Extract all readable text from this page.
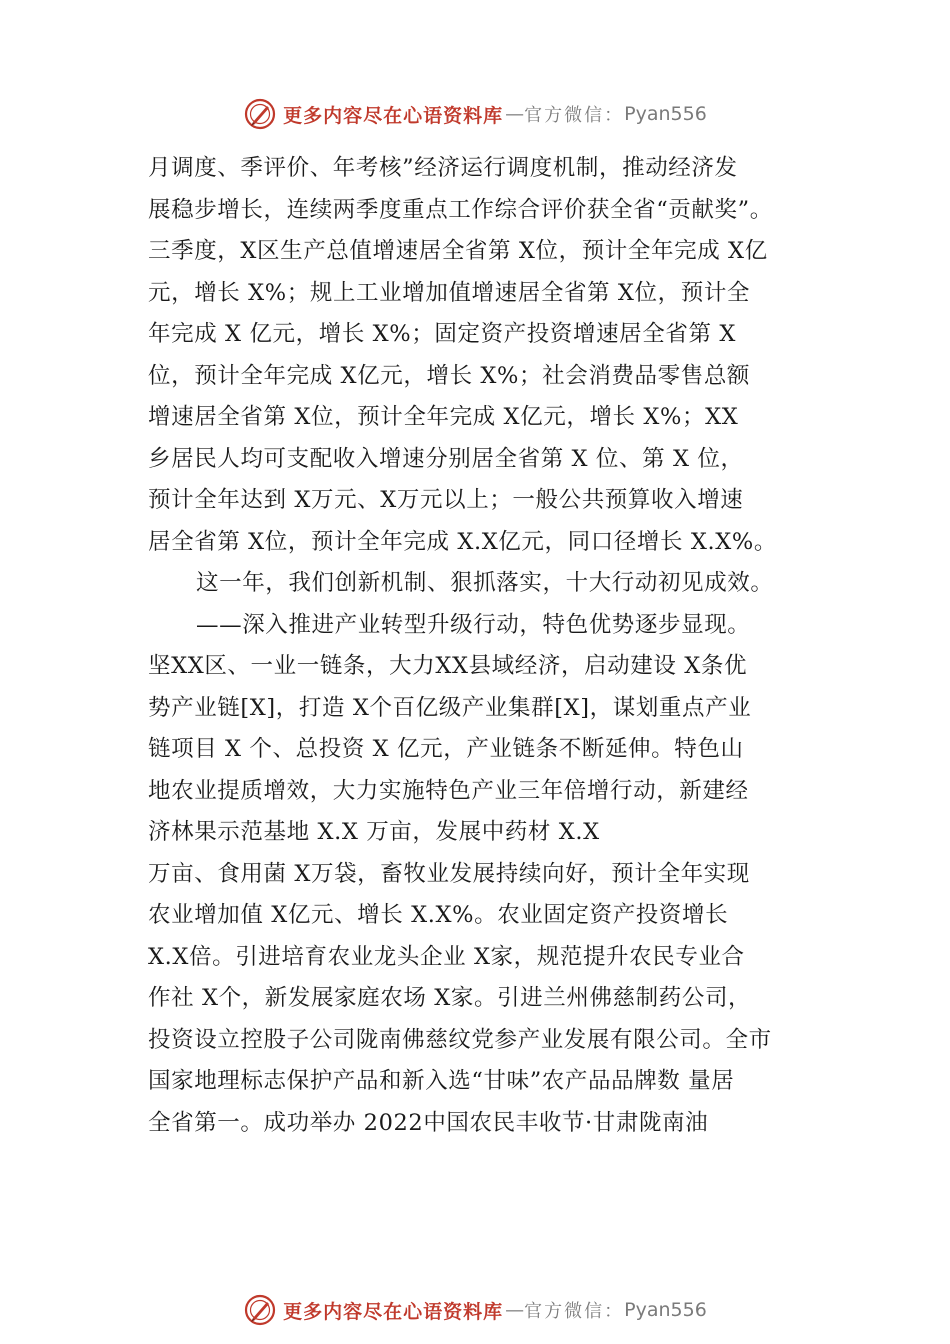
更多内容尽在心语资料库 — 官方微信： Pyan556
月调度、季评价、年考核”经济运行调度机制，推动经济发
展稳步增长，连续两季度重点工作综合评价获全省“贡献奖”。
三季度，X区生产总值增速居全省第 X位，预计全年完成 X亿
元，增长 X%；规上工业增加值增速居全省第 X位，预计全
年完成 X 亿元，增长 X%；固定资产投资增速居全省第 X
位，预计全年完成 X亿元，增长 X%；社会消费品零售总额
增速居全省第 X位，预计全年完成 X亿元，增长 X%；XX
乡居民人均可支配收入增速分别居全省第 X 位、第 X 位，
预计全年达到 X万元、X万元以上；一般公共预算收入增速
居全省第 X位，预计全年完成 X.X亿元，同口径增长 X.X%。
这一年，我们创新机制、狠抓落实，十大行动初见成效。
——深入推进产业转型升级行动，特色优势逐步显现。
坚XX区、一业一链条，大力XX县域经济，启动建设 X条优
势产业链[X]，打造 X个百亿级产业集群[X]，谋划重点产业
链项目 X 个、总投资 X 亿元，产业链条不断延伸。特色山
地农业提质增效，大力实施特色产业三年倍增行动，新建经
济林果示范基地 X.X 万亩，发展中药材 X.X
万亩、食用菌 X万袋，畜牧业发展持续向好，预计全年实现
农业增加值 X亿元、增长 X.X%。农业固定资产投资增长
X.X倍。引进培育农业龙头企业 X家，规范提升农民专业合
作社 X个，新发展家庭农场 X家。引进兰州佛慈制药公司，
投资设立控股子公司陇南佛慈纹党参产业发展有限公司。全市
国家地理标志保护产品和新入选“甘味”农产品品牌数 量居
全省第一。成功举办 2022中国农民丰收节·甘肃陇南油
更多内容尽在心语资料库 — 官方微信： Pyan556
